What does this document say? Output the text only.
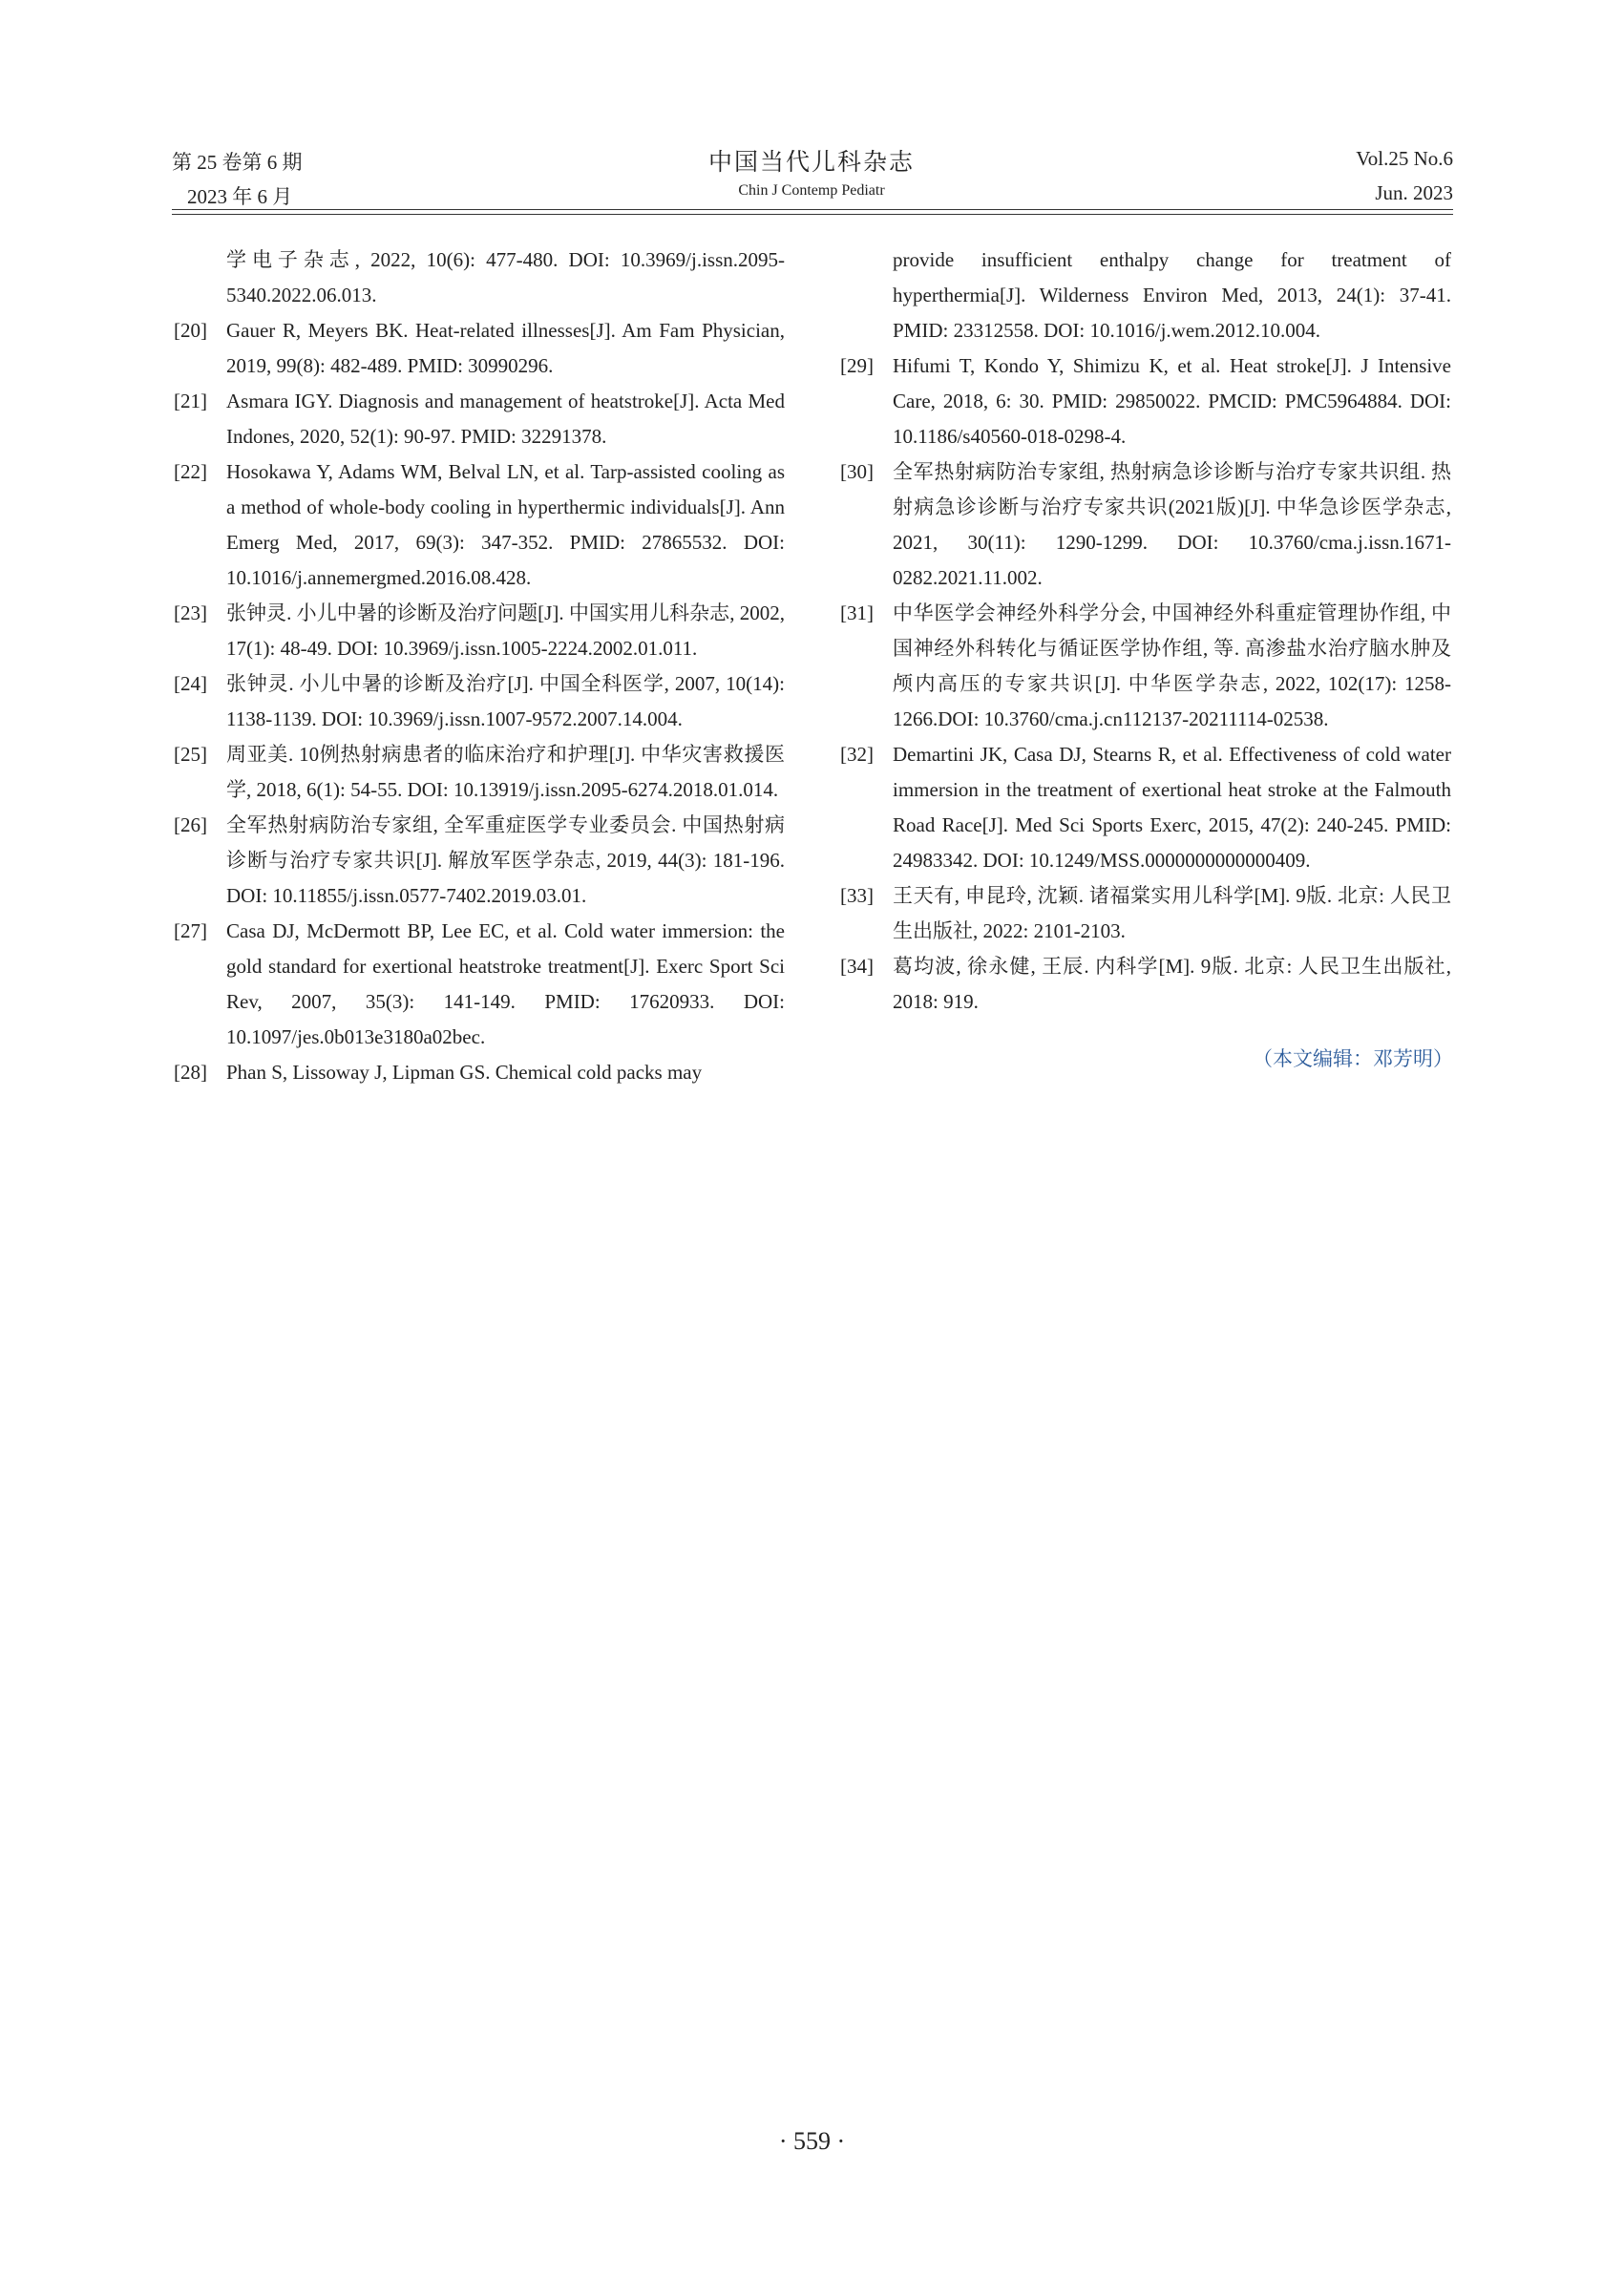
第 25 卷第 6 期
2023 年 6 月
中国当代儿科杂志
Chin J Contemp Pediatr
Vol.25 No.6
Jun. 2023
学电子杂志, 2022, 10(6): 477-480. DOI: 10.3969/j.issn.2095-5340.2022.06.013.
[20] Gauer R, Meyers BK. Heat-related illnesses[J]. Am Fam Physician, 2019, 99(8): 482-489. PMID: 30990296.
[21] Asmara IGY. Diagnosis and management of heatstroke[J]. Acta Med Indones, 2020, 52(1): 90-97. PMID: 32291378.
[22] Hosokawa Y, Adams WM, Belval LN, et al. Tarp-assisted cooling as a method of whole-body cooling in hyperthermic individuals[J]. Ann Emerg Med, 2017, 69(3): 347-352. PMID: 27865532. DOI: 10.1016/j.annemergmed.2016.08.428.
[23] 张钟灵. 小儿中暑的诊断及治疗问题[J]. 中国实用儿科杂志, 2002, 17(1): 48-49. DOI: 10.3969/j.issn.1005-2224.2002.01.011.
[24] 张钟灵. 小儿中暑的诊断及治疗[J]. 中国全科医学, 2007, 10(14): 1138-1139. DOI: 10.3969/j.issn.1007-9572.2007.14.004.
[25] 周亚美. 10例热射病患者的临床治疗和护理[J]. 中华灾害救援医学, 2018, 6(1): 54-55. DOI: 10.13919/j.issn.2095-6274.2018.01.014.
[26] 全军热射病防治专家组, 全军重症医学专业委员会. 中国热射病诊断与治疗专家共识[J]. 解放军医学杂志, 2019, 44(3): 181-196. DOI: 10.11855/j.issn.0577-7402.2019.03.01.
[27] Casa DJ, McDermott BP, Lee EC, et al. Cold water immersion: the gold standard for exertional heatstroke treatment[J]. Exerc Sport Sci Rev, 2007, 35(3): 141-149. PMID: 17620933. DOI: 10.1097/jes.0b013e3180a02bec.
[28] Phan S, Lissoway J, Lipman GS. Chemical cold packs may
provide insufficient enthalpy change for treatment of hyperthermia[J]. Wilderness Environ Med, 2013, 24(1): 37-41. PMID: 23312558. DOI: 10.1016/j.wem.2012.10.004.
[29] Hifumi T, Kondo Y, Shimizu K, et al. Heat stroke[J]. J Intensive Care, 2018, 6: 30. PMID: 29850022. PMCID: PMC5964884. DOI: 10.1186/s40560-018-0298-4.
[30] 全军热射病防治专家组, 热射病急诊诊断与治疗专家共识组. 热射病急诊诊断与治疗专家共识(2021版)[J]. 中华急诊医学杂志, 2021, 30(11): 1290-1299. DOI: 10.3760/cma.j.issn.1671-0282.2021.11.002.
[31] 中华医学会神经外科学分会, 中国神经外科重症管理协作组, 中国神经外科转化与循证医学协作组, 等. 高渗盐水治疗脑水肿及颅内高压的专家共识[J]. 中华医学杂志, 2022, 102(17): 1258-1266.DOI: 10.3760/cma.j.cn112137-20211114-02538.
[32] Demartini JK, Casa DJ, Stearns R, et al. Effectiveness of cold water immersion in the treatment of exertional heat stroke at the Falmouth Road Race[J]. Med Sci Sports Exerc, 2015, 47(2): 240-245. PMID: 24983342. DOI: 10.1249/MSS.0000000000000409.
[33] 王天有, 申昆玲, 沈颖. 诸福棠实用儿科学[M]. 9版. 北京: 人民卫生出版社, 2022: 2101-2103.
[34] 葛均波, 徐永健, 王辰. 内科学[M]. 9版. 北京: 人民卫生出版社, 2018: 919.
（本文编辑：邓芳明）
· 559 ·
